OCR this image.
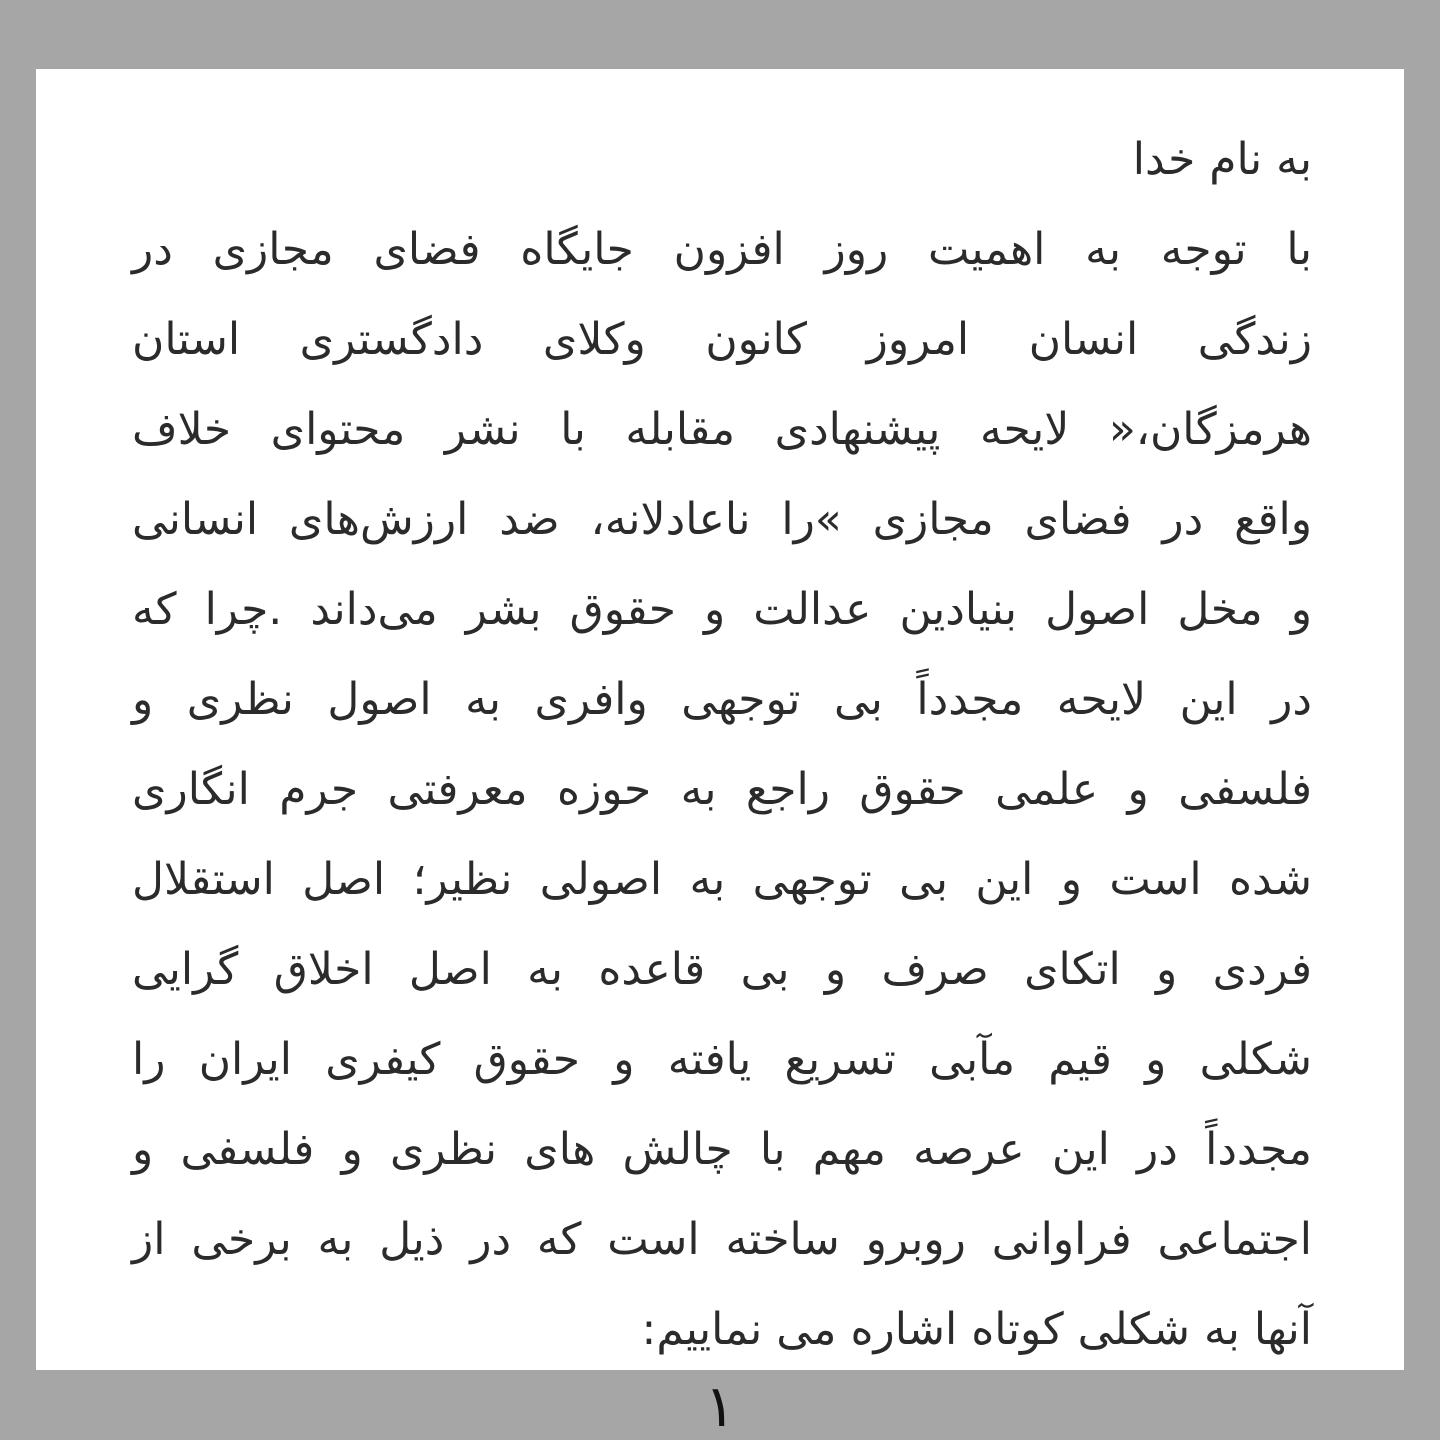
به نام خدا
با توجه به اهمیت روز افزون جایگاه فضای مجازی در
زندگی انسان امروز کانون وکلای دادگستری استان
هرمزگان،« لایحه پیشنهادی مقابله با نشر محتوای خلاف
واقع در فضای مجازی »را ناعادلانه، ضد ارزش‌های انسانی
و مخل اصول بنیادین عدالت و حقوق بشر می‌داند .چرا که
در این لایحه مجدداً بی توجهی وافری به اصول نظری و
فلسفی و علمی حقوق راجع به حوزه معرفتی جرم انگاری
شده است و این بی توجهی به اصولی نظیر؛ اصل استقلال
فردی و اتکای صرف و بی قاعده به اصل اخلاق گرایی
شکلی و قیم مآبی تسریع یافته و حقوق کیفری ایران را
مجدداً در این عرصه مهم با چالش های نظری و فلسفی و
اجتماعی فراوانی روبرو ساخته است که در ذیل به برخی از
آنها به شکلی کوتاه اشاره می نماییم:
۱
